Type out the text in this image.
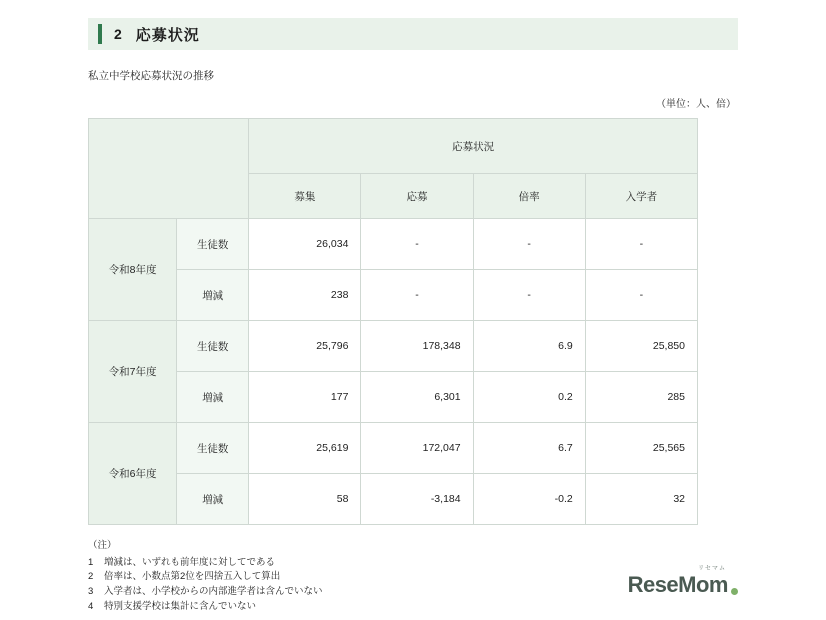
2 応募状況
私立中学校応募状況の推移
（単位：人、倍）
		応募状況			
		募集	応募	倍率	入学者
令和8年度	生徒数	26,034	-	-	-
	増減	238	-	-	-
令和7年度	生徒数	25,796	178,348	6.9	25,850
	増減	177	6,301	0.2	285
令和6年度	生徒数	25,619	172,047	6.7	25,565
	増減	58	-3,184	-0.2	32
（注）
1	増減は、いずれも前年度に対してである
2	倍率は、小数点第2位を四捨五入して算出
3	入学者は、小学校からの内部進学者は含んでいない
4	特別支援学校は集計に含んでいない
リセマム
ReseMom
